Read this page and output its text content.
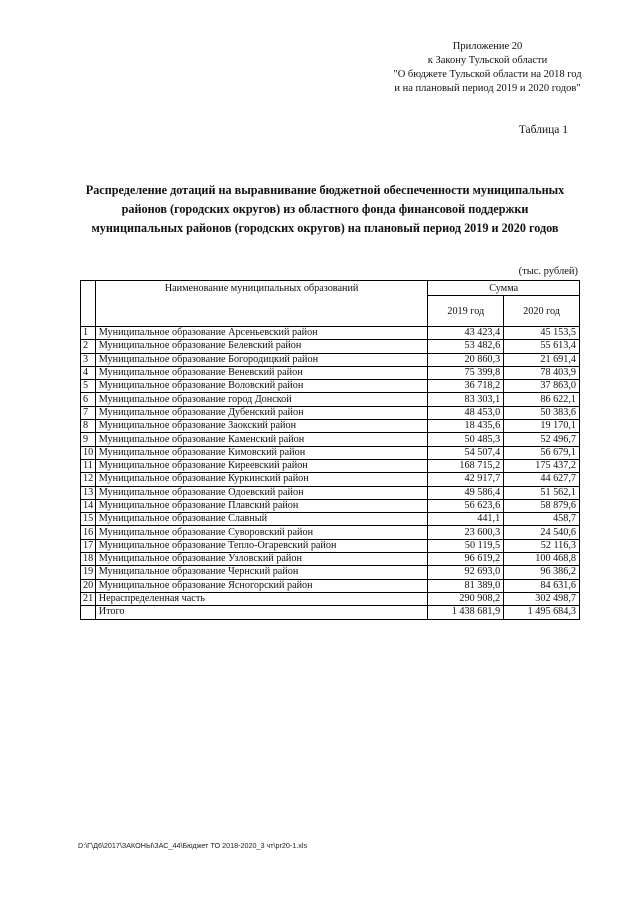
Приложение 20
к Закону Тульской области
"О бюджете Тульской области на 2018 год
и на плановый период 2019 и 2020 годов"
Таблица 1
Распределение дотаций на выравнивание бюджетной обеспеченности муниципальных
районов (городских округов) из областного фонда финансовой поддержки
муниципальных районов (городских округов) на плановый период 2019 и 2020 годов
(тыс. рублей)
	Наименование муниципальных образований	Сумма	
		2019 год	2020 год
1	Муниципальное образование Арсеньевский район	43 423,4	45 153,5
2	Муниципальное образование Белевский район	53 482,6	55 613,4
3	Муниципальное образование Богородицкий район	20 860,3	21 691,4
4	Муниципальное образование Веневский район	75 399,8	78 403,9
5	Муниципальное образование Воловский район	36 718,2	37 863,0
6	Муниципальное образование город Донской	83 303,1	86 622,1
7	Муниципальное образование Дубенский район	48 453,0	50 383,6
8	Муниципальное образование Заокский район	18 435,6	19 170,1
9	Муниципальное образование Каменский район	50 485,3	52 496,7
10	Муниципальное образование Кимовский район	54 507,4	56 679,1
11	Муниципальное образование Киреевский район	168 715,2	175 437,2
12	Муниципальное образование Куркинский район	42 917,7	44 627,7
13	Муниципальное образование Одоевский район	49 586,4	51 562,1
14	Муниципальное образование Плавский район	56 623,6	58 879,6
15	Муниципальное образование Славный	441,1	458,7
16	Муниципальное образование Суворовский район	23 600,3	24 540,6
17	Муниципальное образование Тепло-Огаревский район	50 119,5	52 116,3
18	Муниципальное образование Узловский район	96 619,2	100 468,8
19	Муниципальное образование Чернский район	92 693,0	96 386,2
20	Муниципальное образование Ясногорский район	81 389,0	84 631,6
21	Нераспределенная часть	290 908,2	302 498,7
	Итого	1 438 681,9	1 495 684,3
D:\Г\Д6\2017\ЗАКОНЫ\ЗАС_44\Бюджет ТО 2018-2020_3 чт\pr20-1.xls
